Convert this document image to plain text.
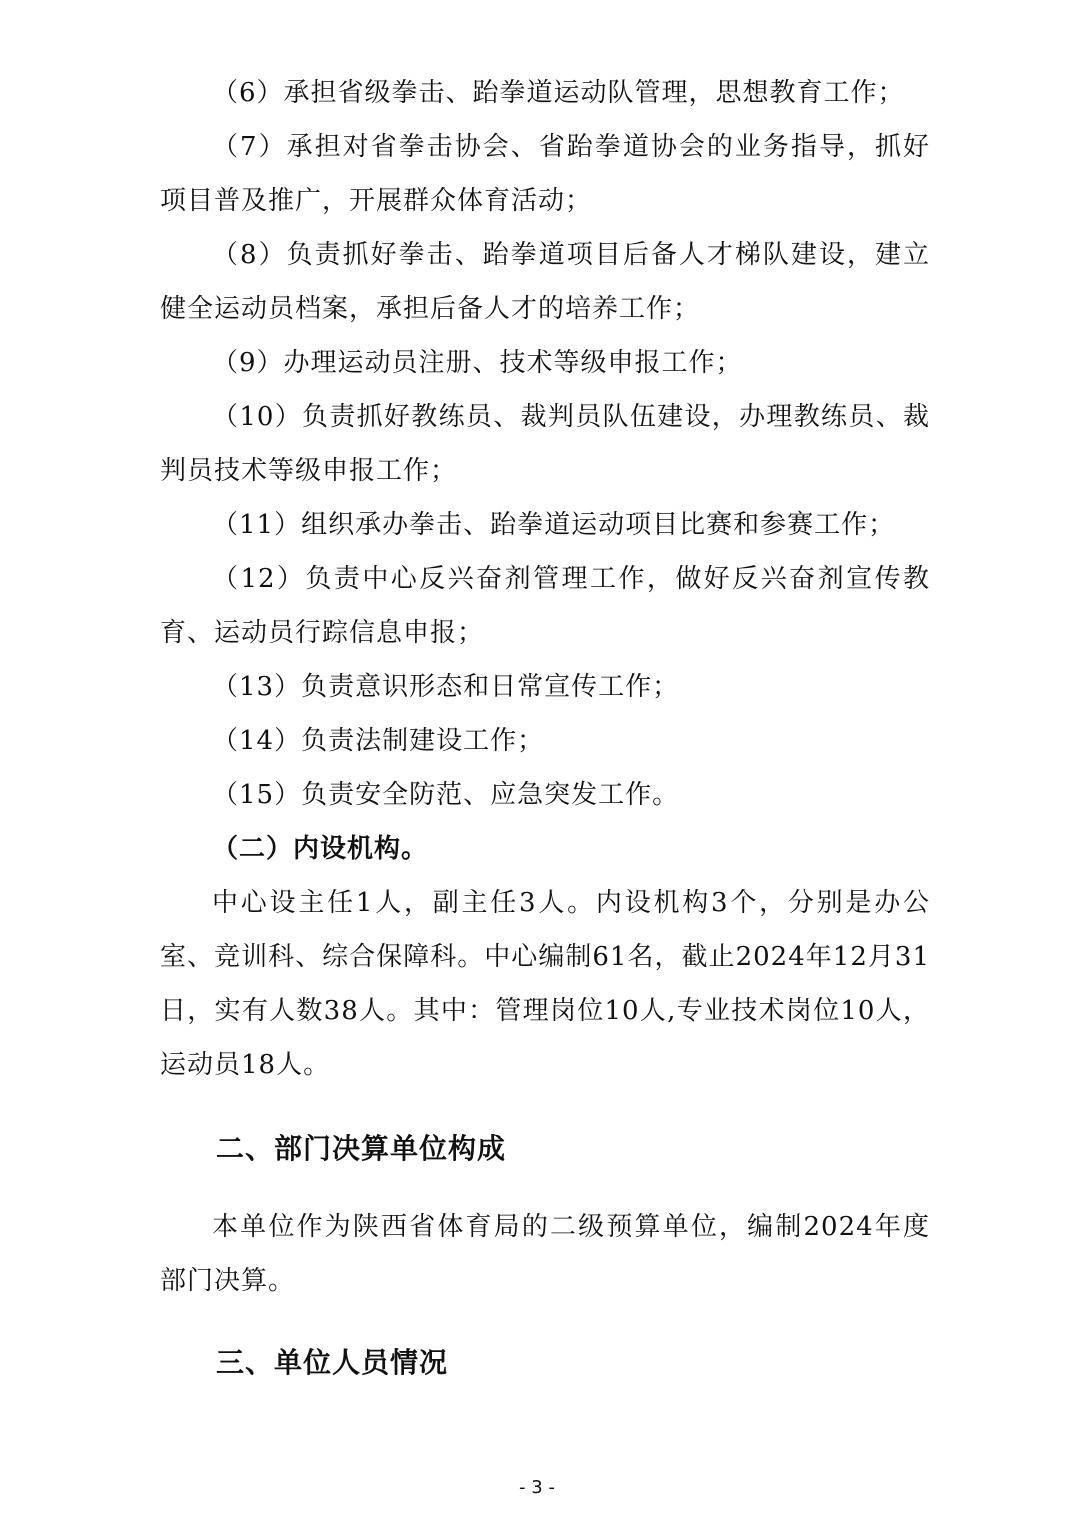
（6）承担省级拳击、跆拳道运动队管理，思想教育工作；

（7）承担对省拳击协会、省跆拳道协会的业务指导，抓好项目普及推广，开展群众体育活动；

（8）负责抓好拳击、跆拳道项目后备人才梯队建设，建立健全运动员档案，承担后备人才的培养工作；

（9）办理运动员注册、技术等级申报工作；

（10）负责抓好教练员、裁判员队伍建设，办理教练员、裁判员技术等级申报工作；

（11）组织承办拳击、跆拳道运动项目比赛和参赛工作；

（12）负责中心反兴奋剂管理工作，做好反兴奋剂宣传教育、运动员行踪信息申报；

（13）负责意识形态和日常宣传工作；

（14）负责法制建设工作；

（15）负责安全防范、应急突发工作。

（二）内设机构。

中心设主任1人，副主任3人。内设机构3个，分别是办公室、竞训科、综合保障科。中心编制61名，截止2024年12月31日，实有人数38人。其中：管理岗位10人,专业技术岗位10人，运动员18人。

二、部门决算单位构成

本单位作为陕西省体育局的二级预算单位，编制2024年度部门决算。

三、单位人员情况
- 3 -
